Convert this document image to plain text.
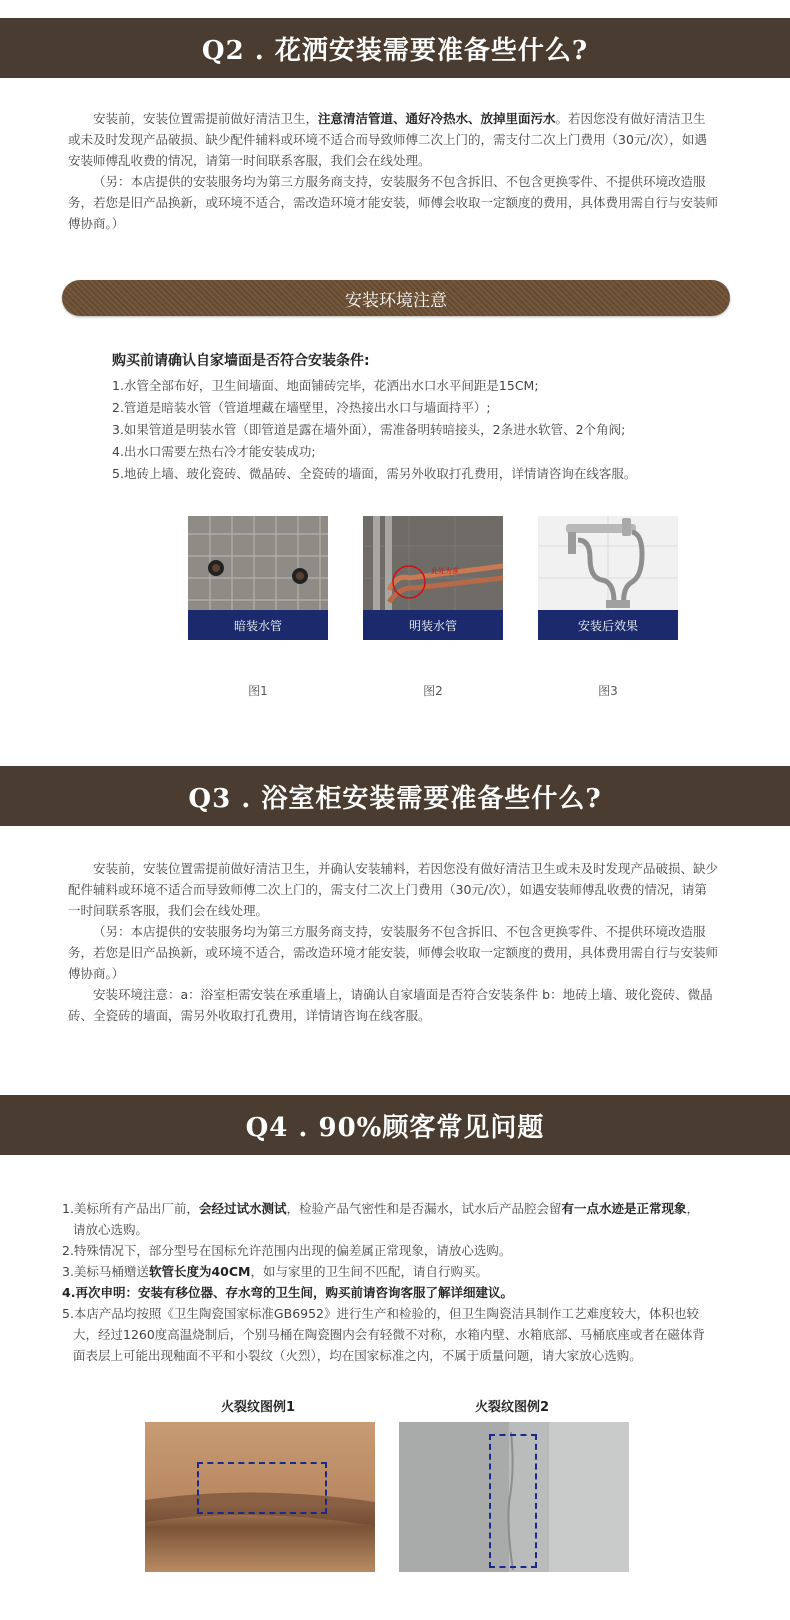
Q2 . 花洒安装需要准备些什么?

安装前，安装位置需提前做好清洁卫生，注意清洁管道、通好冷热水、放掉里面污水。若因您没有做好清洁卫生或未及时发现产品破损、缺少配件辅料或环境不适合而导致师傅二次上门的，需支付二次上门费用（30元/次），如遇安装师傅乱收费的情况，请第一时间联系客服，我们会在线处理。

（另：本店提供的安装服务均为第三方服务商支持，安装服务不包含拆旧、不包含更换零件、不提供环境改造服务，若您是旧产品换新，或环境不适合，需改造环境才能安装，师傅会收取一定额度的费用，具体费用需自行与安装师傅协商。）

安装环境注意
购买前请确认自家墙面是否符合安装条件:
1.水管全部布好，卫生间墙面、地面铺砖完毕，花洒出水口水平间距是15CM;
2.管道是暗装水管（管道埋藏在墙壁里，冷热接出水口与墙面持平）;
3.如果管道是明装水管（即管道是露在墙外面），需准备明转暗接头，2条进水软管、2个角阀;
4.出水口需要左热右冷才能安装成功;
5.地砖上墙、玻化瓷砖、微晶砖、全瓷砖的墙面，需另外收取打孔费用，详情请咨询在线客服。
暗装水管
图1
此处为准
明装水管
图2
安装后效果
图3
Q3 . 浴室柜安装需要准备些什么?

安装前，安装位置需提前做好清洁卫生，并确认安装辅料，若因您没有做好清洁卫生或未及时发现产品破损、缺少配件辅料或环境不适合而导致师傅二次上门的，需支付二次上门费用（30元/次），如遇安装师傅乱收费的情况，请第一时间联系客服，我们会在线处理。

（另：本店提供的安装服务均为第三方服务商支持，安装服务不包含拆旧、不包含更换零件、不提供环境改造服务，若您是旧产品换新，或环境不适合，需改造环境才能安装，师傅会收取一定额度的费用，具体费用需自行与安装师傅协商。）

安装环境注意：a：浴室柜需安装在承重墙上，请确认自家墙面是否符合安装条件 b：地砖上墙、玻化瓷砖、微晶砖、全瓷砖的墙面，需另外收取打孔费用，详情请咨询在线客服。

Q4 . 90%顾客常见问题
1.美标所有产品出厂前，会经过试水测试，检验产品气密性和是否漏水，试水后产品腔会留有一点水迹是正常现象，
请放心选购。
2.特殊情况下，部分型号在国标允许范围内出现的偏差属正常现象，请放心选购。
3.美标马桶赠送软管长度为40CM，如与家里的卫生间不匹配，请自行购买。
4.再次申明：安装有移位器、存水弯的卫生间，购买前请咨询客服了解详细建议。
5.本店产品均按照《卫生陶瓷国家标准GB6952》进行生产和检验的，但卫生陶瓷洁具制作工艺难度较大，体积也较
大，经过1260度高温烧制后，个别马桶在陶瓷圈内会有轻微不对称，水箱内壁、水箱底部、马桶底座或者在磁体背
面表层上可能出现釉面不平和小裂纹（火烈），均在国家标准之内，不属于质量问题，请大家放心选购。
火裂纹图例1	火裂纹图例2
